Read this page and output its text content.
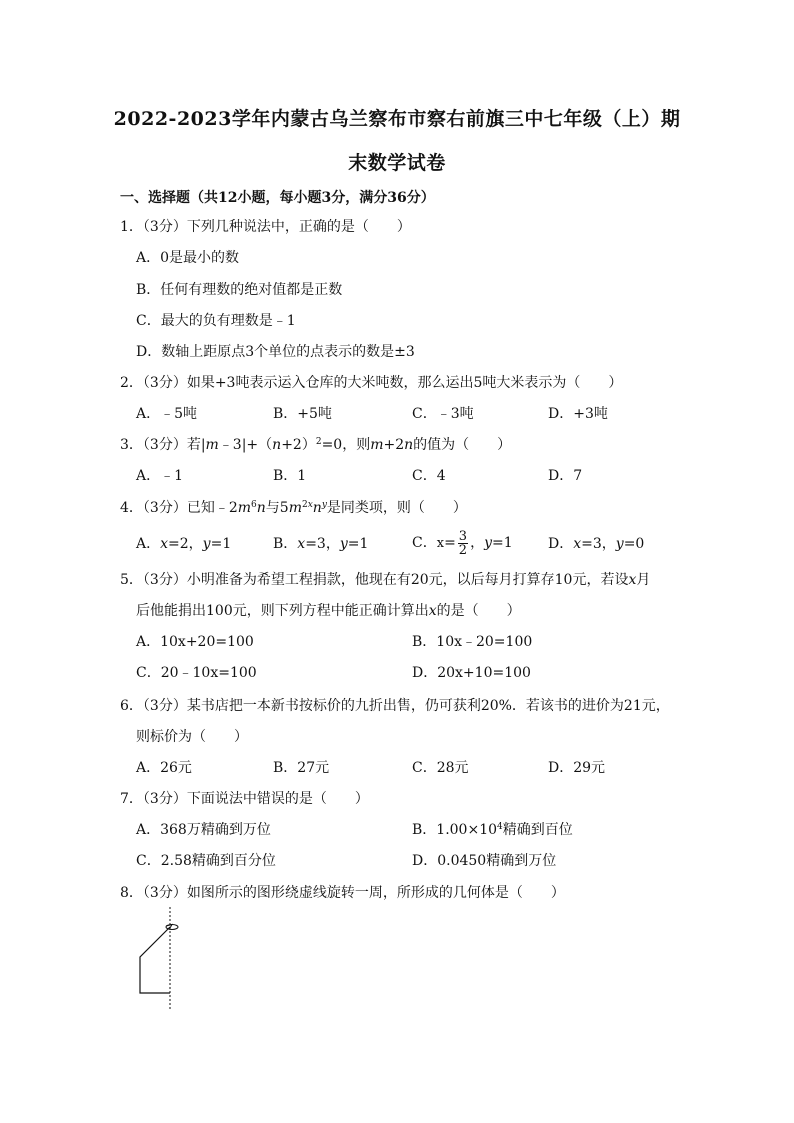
2022-2023学年内蒙古乌兰察布市察右前旗三中七年级（上）期
末数学试卷
一、选择题（共12小题，每小题3分，满分36分）
1．（3分）下列几种说法中，正确的是（　　）
A．0是最小的数
B．任何有理数的绝对值都是正数
C．最大的负有理数是﹣1
D．数轴上距原点3个单位的点表示的数是±3
2．（3分）如果+3吨表示运入仓库的大米吨数，那么运出5吨大米表示为（　　）
A．﹣5吨	B．+5吨	C．﹣3吨	D．+3吨
3．（3分）若$|m﹣3|+(n+2)^2=0$，则m+2n的值为（　　）
A．﹣1	B．1	C．4	D．7
4．（3分）已知$﹣2m^6n$与$5m^{2x}n^y$是同类项，则（　　）
A．x=2，y=1	B．x=3，y=1	C．$x= \frac{3}{2}$ ，y=1	D．x=3，y=0
5．（3分）小明准备为希望工程捐款，他现在有20元，以后每月打算存10元，若设x月
后他能捐出100元，则下列方程中能正确计算出x的是（　　）
A．10x+20=100	B．10x﹣20=100
C．20﹣10x=100	D．20x+10=100
6．（3分）某书店把一本新书按标价的九折出售，仍可获利20%．若该书的进价为21元，
则标价为（　　）
A．26元	B．27元	C．28元	D．29元
7．（3分）下面说法中错误的是（　　）
A．368万精确到万位	B．$1.00\times 10^4$精确到百位
C．2.58精确到百分位	D．0.0450精确到万位
8．（3分）如图所示的图形绕虚线旋转一周，所形成的几何体是（　　）
